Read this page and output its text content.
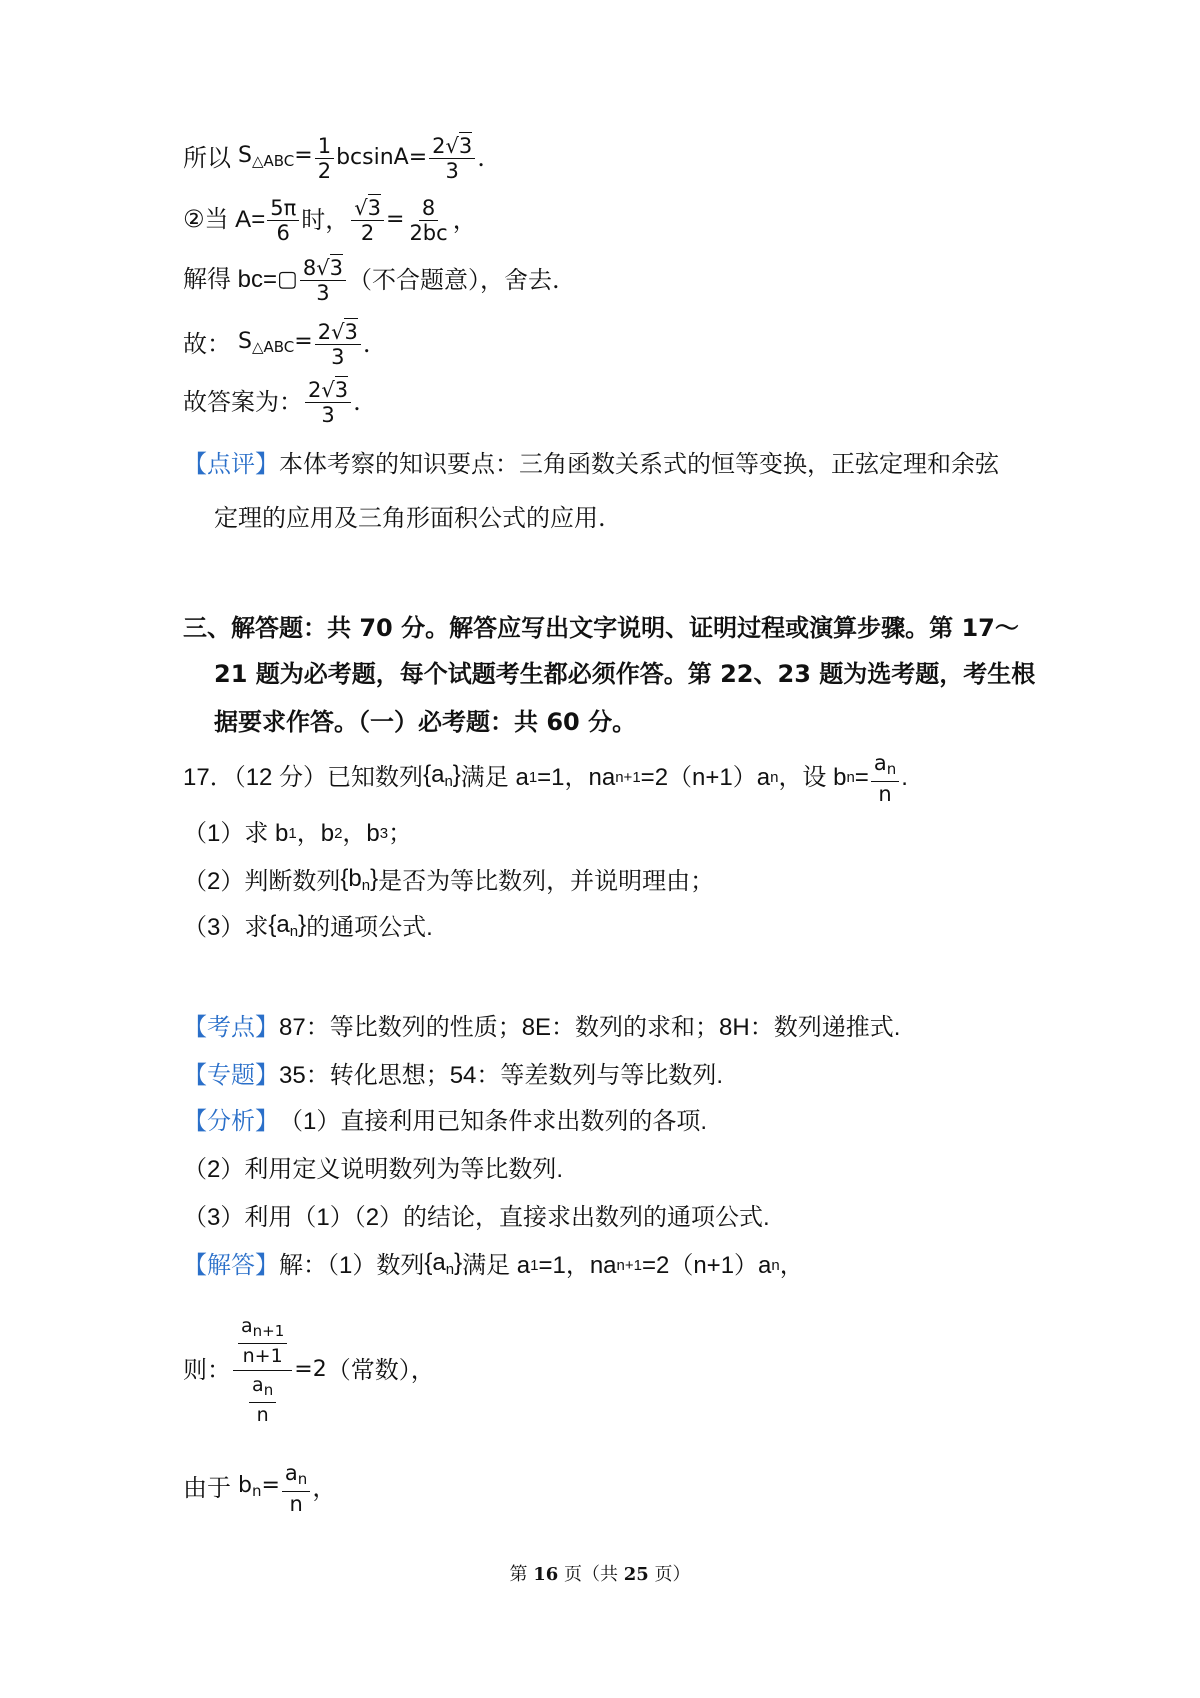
所以 $S_{\triangle ABC}= \frac{1}{2} bcsinA= \frac{2√3}{3}$ .
②当 $A= \frac{5\pi}{6}$ 时， $\frac{√3}{2} = \frac{8}{2bc}$ ，
解得 bc= ▢ $\frac{8√3}{3}$ （不合题意），舍去.
故： $S_{\triangle ABC}= \frac{2√3}{3}$ .
故答案为： $\frac{2√3}{3}$ .
【点评】 本体考察的知识要点：三角函数关系式的恒等变换，正弦定理和余弦
定理的应用及三角形面积公式的应用.
三、解答题：共 70 分。解答应写出文字说明、证明过程或演算步骤。第 17～
21 题为必考题，每个试题考生都必须作答。第 22、23 题为选考题，考生根
据要求作答。（一）必考题：共 60 分。
17．（12 分）已知数列 $\{a_n\}$ 满足 a 1 =1，na n+1 =2（n+1）a n ，设 b $n = \frac{a_n}{n}$ .
（1）求 b 1 ，b 2 ，b 3 ；
（2）判断数列 $\{b_n\}$ 是否为等比数列，并说明理由；
（3）求 $\{a_n\}$ 的通项公式.
【考点】 87：等比数列的性质；8E：数列的求和；8H：数列递推式.
【专题】 35：转化思想；54：等差数列与等比数列.
【分析】 （1）直接利用已知条件求出数列的各项.
（2）利用定义说明数列为等比数列.
（3）利用（1）（2）的结论，直接求出数列的通项公式.
【解答】 解：（1）数列 $\{a_n\}$ 满足 a 1 =1，na n+1 =2（n+1）a n ，
则： $\frac{\frac{a_{n+1}}{n+1}}{\frac{a_n}{n}} =2$ （常数），
由于 $b_n= \frac{a_n}{n}$ ，
第 16 页（共 25 页）
